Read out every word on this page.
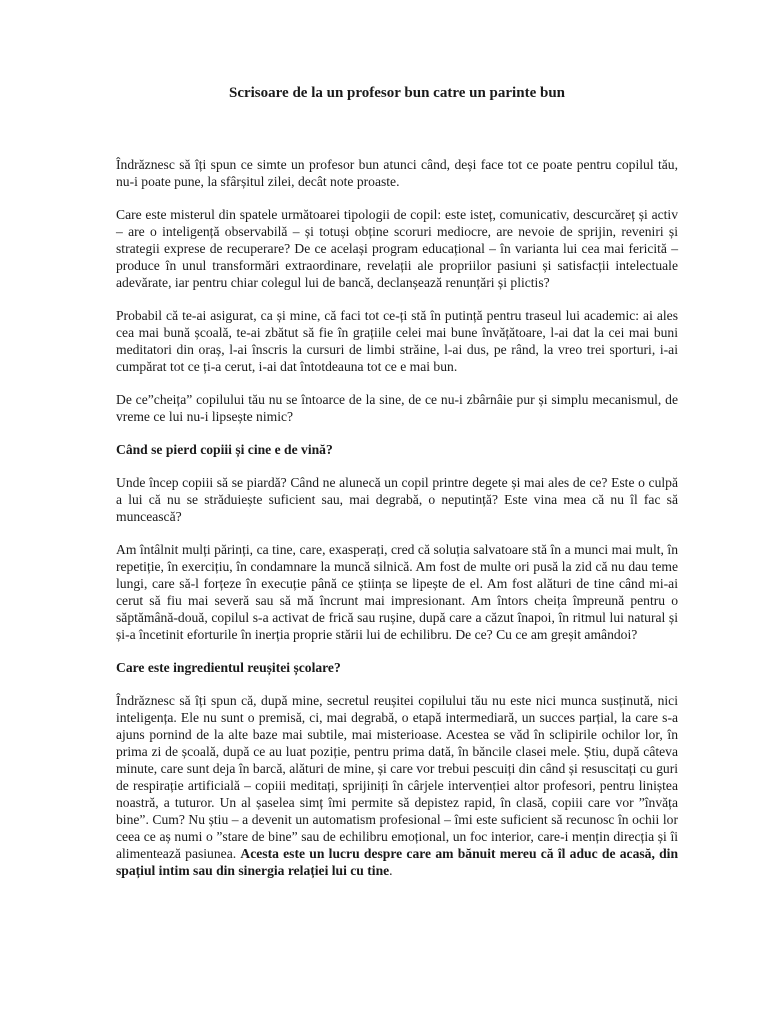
Scrisoare de la un profesor bun catre un parinte bun

Îndrăznesc să îți spun ce simte un profesor bun atunci când, deși face tot ce poate pentru copilul tău, nu-i poate pune, la sfârșitul zilei, decât note proaste.

Care este misterul din spatele următoarei tipologii de copil: este isteț, comunicativ, descurcăreț și activ – are o inteligență observabilă – și totuși obține scoruri mediocre, are nevoie de sprijin, reveniri și strategii exprese de recuperare? De ce același program educațional – în varianta lui cea mai fericită – produce în unul transformări extraordinare, revelații ale propriilor pasiuni și satisfacții intelectuale adevărate, iar pentru chiar colegul lui de bancă, declanșează renunțări și plictis?

Probabil că te-ai asigurat, ca și mine, că faci tot ce-ți stă în putință pentru traseul lui academic: ai ales cea mai bună școală, te-ai zbătut să fie în grațiile celei mai bune învățătoare, l-ai dat la cei mai buni meditatori din oraș, l-ai înscris la cursuri de limbi străine, l-ai dus, pe rând, la vreo trei sporturi, i-ai cumpărat tot ce ți-a cerut, i-ai dat întotdeauna tot ce e mai bun.

De ce”cheița” copilului tău nu se întoarce de la sine, de ce nu-i zbârnâie pur și simplu mecanismul, de vreme ce lui nu-i lipsește nimic?

Când se pierd copiii și cine e de vină?

Unde încep copiii să se piardă? Când ne alunecă un copil printre degete și mai ales de ce? Este o culpă a lui că nu se străduiește suficient sau, mai degrabă, o neputință? Este vina mea că nu îl fac să muncească?

Am întâlnit mulți părinți, ca tine, care, exasperați, cred că soluția salvatoare stă în a munci mai mult, în repetiție, în exercițiu, în condamnare la muncă silnică. Am fost de multe ori pusă la zid că nu dau teme lungi, care să-l forțeze în execuție până ce știința se lipește de el. Am fost alături de tine când mi-ai cerut să fiu mai severă sau să mă încrunt mai impresionant. Am întors cheița împreună pentru o săptămână-două, copilul s-a activat de frică sau rușine, după care a căzut înapoi, în ritmul lui natural și și-a încetinit eforturile în inerția proprie stării lui de echilibru. De ce? Cu ce am greșit amândoi?

Care este ingredientul reușitei școlare?

Îndrăznesc să îți spun că, după mine, secretul reușitei copilului tău nu este nici munca susținută, nici inteligența. Ele nu sunt o premisă, ci, mai degrabă, o etapă intermediară, un succes parțial, la care s-a ajuns pornind de la alte baze mai subtile, mai misterioase. Acestea se văd în sclipirile ochilor lor, în prima zi de școală, după ce au luat poziție, pentru prima dată, în băncile clasei mele. Știu, după câteva minute, care sunt deja în barcă, alături de mine, și care vor trebui pescuiți din când și resuscitați cu guri de respirație artificială – copiii meditați, sprijiniți în cârjele intervenției altor profesori, pentru liniștea noastră, a tuturor. Un al șaselea simț îmi permite să depistez rapid, în clasă, copiii care vor ”învăța bine”. Cum? Nu știu – a devenit un automatism profesional – îmi este suficient să recunosc în ochii lor ceea ce aș numi o ”stare de bine” sau de echilibru emoțional, un foc interior, care-i mențin direcția și îi alimentează pasiunea. Acesta este un lucru despre care am bănuit mereu că îl aduc de acasă, din spațiul intim sau din sinergia relației lui cu tine.
